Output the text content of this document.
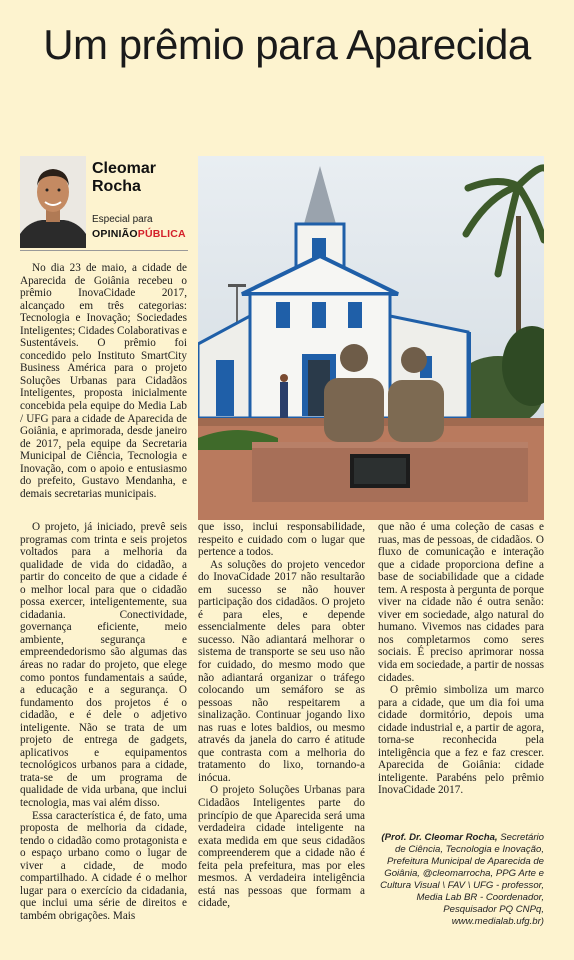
Um prêmio para Aparecida
Cleomar Rocha
Especial para
OPINIÃOPÚBLICA

No dia 23 de maio, a cidade de Aparecida de Goiânia recebeu o prêmio InovaCidade 2017, alcançado em três categorias: Tecnologia e Inovação; Sociedades Inteligentes; Cidades Colaborativas e Sustentáveis. O prêmio foi concedido pelo Instituto SmartCity Business América para o projeto Soluções Urbanas para Cidadãos Inteligentes, proposta inicialmente concebida pela equipe do Media Lab / UFG para a cidade de Aparecida de Goiânia, e aprimorada, desde janeiro de 2017, pela equipe da Secretaria Municipal de Ciência, Tecnologia e Inovação, com o apoio e entusiasmo do prefeito, Gustavo Mendanha, e demais secretarias municipais.

O projeto, já iniciado, prevê seis programas com trinta e seis projetos voltados para a melhoria da qualidade de vida do cidadão, a partir do conceito de que a cidade é o melhor local para que o cidadão possa exercer, inteligentemente, sua cidadania. Conectividade, governança eficiente, meio ambiente, segurança e empreendedorismo são algumas das áreas no radar do projeto, que elege como pontos fundamentais a saúde, a educação e a segurança. O fundamento dos projetos é o cidadão, e é dele o adjetivo inteligente. Não se trata de um projeto de entrega de gadgets, aplicativos e equipamentos tecnológicos urbanos para a cidade, trata-se de um programa de qualidade de vida urbana, que inclui tecnologia, mas vai além disso.

Essa característica é, de fato, uma proposta de melhoria da cidade, tendo o cidadão como protagonista e o espaço urbano como o lugar de viver a cidade, de modo compartilhado. A cidade é o melhor lugar para o exercício da cidadania, que inclui uma série de direitos e também obrigações. Mais

que isso, inclui responsabilidade, respeito e cuidado com o lugar que pertence a todos.

As soluções do projeto vencedor do InovaCidade 2017 não resultarão em sucesso se não houver participação dos cidadãos. O projeto é para eles, e depende essencialmente deles para obter sucesso. Não adiantará melhorar o sistema de transporte se seu uso não for cuidado, do mesmo modo que não adiantará organizar o tráfego colocando um semáforo se as pessoas não respeitarem a sinalização. Continuar jogando lixo nas ruas e lotes baldios, ou mesmo através da janela do carro é atitude que contrasta com a melhoria do tratamento do lixo, tornando-a inócua.

O projeto Soluções Urbanas para Cidadãos Inteligentes parte do princípio de que Aparecida será uma verdadeira cidade inteligente na exata medida em que seus cidadãos compreenderem que a cidade não é feita pela prefeitura, mas por eles mesmos. A verdadeira inteligência está nas pessoas que formam a cidade,

que não é uma coleção de casas e ruas, mas de pessoas, de cidadãos. O fluxo de comunicação e interação que a cidade proporciona define a base de sociabilidade que a cidade tem. A resposta à pergunta de porque viver na cidade não é outra senão: viver em sociedade, algo natural do humano. Vivemos nas cidades para nos completarmos como seres sociais. É preciso aprimorar nossa vida em sociedade, a partir de nossas cidades.

O prêmio simboliza um marco para a cidade, que um dia foi uma cidade dormitório, depois uma cidade industrial e, a partir de agora, torna-se reconhecida pela inteligência que a fez e faz crescer. Aparecida de Goiânia: cidade inteligente. Parabéns pelo prêmio InovaCidade 2017.

(Prof. Dr. Cleomar Rocha, Secretário de Ciência, Tecnologia e Inovação, Prefeitura Municipal de Aparecida de Goiânia, @cleomarrocha, PPG Arte e Cultura Visual \ FAV \ UFG - professor, Media Lab BR - Coordenador, Pesquisador PQ CNPq, www.medialab.ufg.br)
